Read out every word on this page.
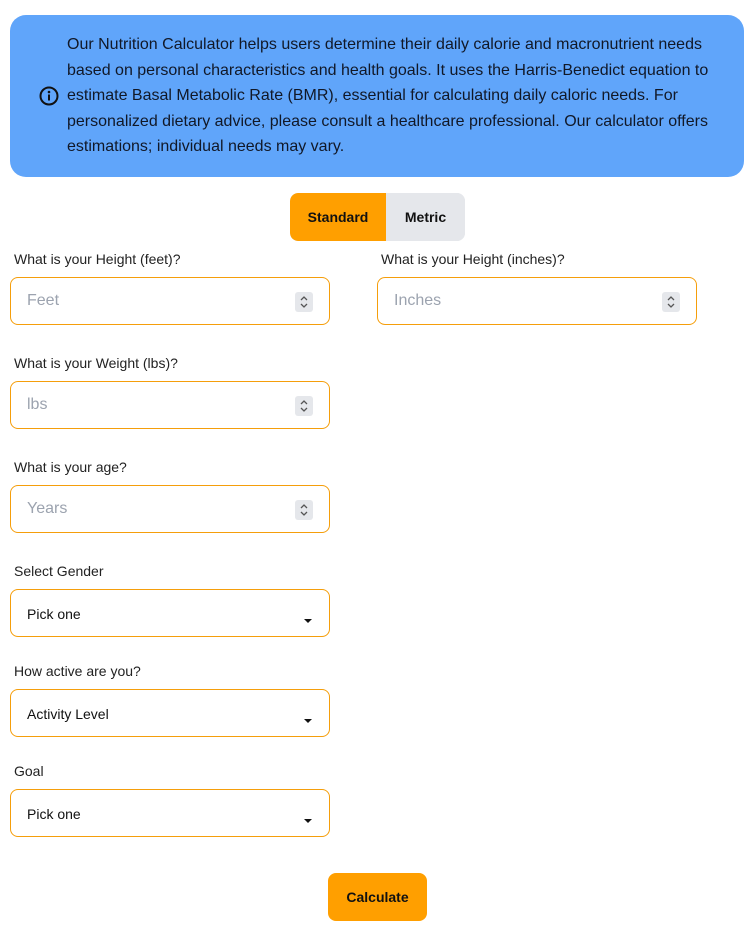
Our Nutrition Calculator helps users determine their daily calorie and macronutrient needs based on personal characteristics and health goals. It uses the Harris-Benedict equation to estimate Basal Metabolic Rate (BMR), essential for calculating daily caloric needs. For personalized dietary advice, please consult a healthcare professional. Our calculator offers estimations; individual needs may vary.
Standard	Metric
What is your Height (feet)?
Feet
What is your Height (inches)?
Inches
What is your Weight (lbs)?
lbs
What is your age?
Years
Select Gender
Pick one
How active are you?
Activity Level
Goal
Pick one
Calculate
